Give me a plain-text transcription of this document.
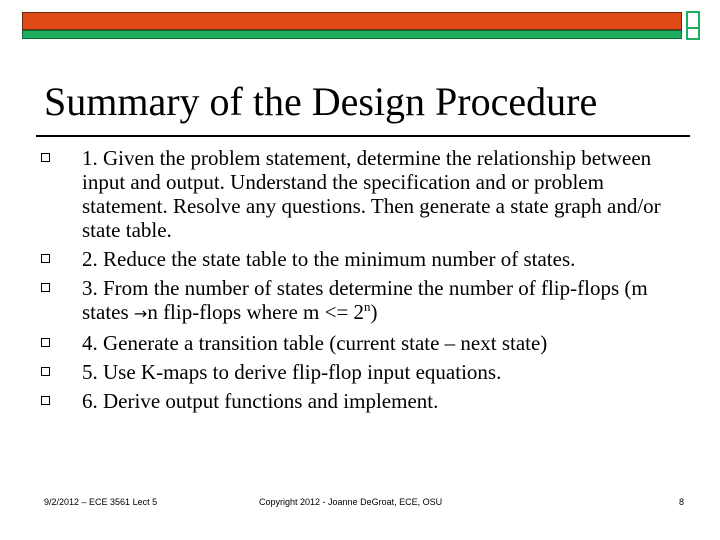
Summary of the Design Procedure
1. Given the problem statement, determine the relationship between input and output. Understand the specification and or problem statement. Resolve any questions. Then generate a state graph and/or state table.
2. Reduce the state table to the minimum number of states.
3. From the number of states determine the number of flip-flops (m states →n flip-flops where $m <= 2^n$)
4. Generate a transition table (current state – next state)
5. Use K-maps to derive flip-flop input equations.
6. Derive output functions and implement.
9/2/2012 – ECE 3561 Lect 5	Copyright 2012 - Joanne DeGroat, ECE, OSU	8
